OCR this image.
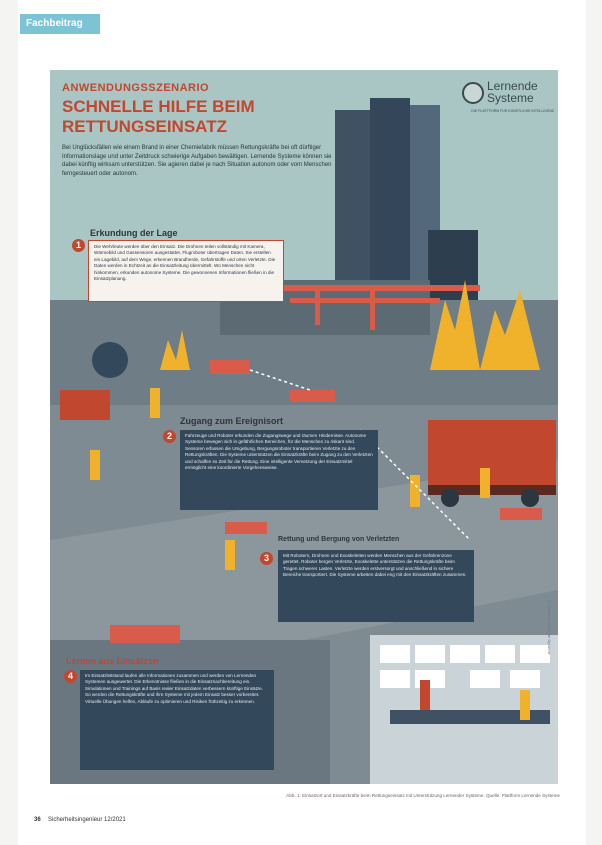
Fachbeitrag
ANWENDUNGSSZENARIO
SCHNELLE HILFE BEIM RETTUNGSEINSATZ
Bei Unglücksfällen wie einem Brand in einer Chemiefabrik müssen Rettungskräfte bei oft dürftiger Informationslage und unter Zeitdruck schwierige Aufgaben bewältigen. Lernende Systeme können sie dabei künftig wirksam unterstützen. Sie agieren dabei je nach Situation autonom oder vom Menschen ferngesteuert oder autonom.
Lernende
Systeme
DIE PLATTFORM FÜR KÜNSTLICHE INTELLIGENZ
Erkundung der Lage
1	Die Wehrleute werden über den Einsatz. Die Drohnen teilen vollständig mit Kamera, Wärmebild und Gassensoren ausgestattet. Flugroboter übertragen Daten. Sie erstellen ein Lagebild, auf dem Wege, erkennen Brandherde, Gefahrstoffe und orten Verletzte. Die Daten werden in Echtzeit an die Einsatzleitung übermittelt. Wo Menschen nicht hinkommen, erkunden autonome Systeme. Die gewonnenen Informationen fließen in die Einsatzplanung.
Zugang zum Ereignisort
2	Fahrzeuge und Roboter erkunden die Zugangswege und räumen Hindernisse. Autonome Systeme bewegen sich in gefährlichen Bereichen, für die Menschen zu riskant sind. Sensoren erfassen die Umgebung, Bergungsroboter transportieren Verletzte zu den Rettungskräften. Die Systeme unterstützen die Einsatzkräfte beim Zugang zu den Verletzten und schaffen so Zeit für die Rettung. Eine intelligente Vernetzung der Einsatzmittel ermöglicht eine koordinierte Vorgehensweise.
Rettung und Bergung von Verletzten
3	Mit Robotern, Drohnen und Exoskeletten werden Menschen aus der Gefahrenzone gerettet. Roboter bergen Verletzte, Exoskelette unterstützen die Rettungskräfte beim Tragen schwerer Lasten. Verletzte werden erstversorgt und anschließend in sichere Bereiche transportiert. Die Systeme arbeiten dabei eng mit den Einsatzkräften zusammen.
Lernen aus Einsätzen
4	Im Einsatzleitstand laufen alle Informationen zusammen und werden von Lernenden Systemen ausgewertet. Die Erkenntnisse fließen in die Einsatznachbereitung ein. Simulationen und Trainings auf Basis realer Einsatzdaten verbessern künftige Einsätze. So werden die Rettungskräfte und ihre Systeme mit jedem Einsatz besser vorbereitet. Virtuelle Übungen helfen, Abläufe zu optimieren und Risiken frühzeitig zu erkennen.
© Plattform Lernende Systeme
Abb. 1: Einsatzort und Einsatzkräfte beim Rettungseinsatz mit Unterstützung Lernender Systeme. Quelle: Plattform Lernende Systeme
36 Sicherheitsingenieur 12/2021
